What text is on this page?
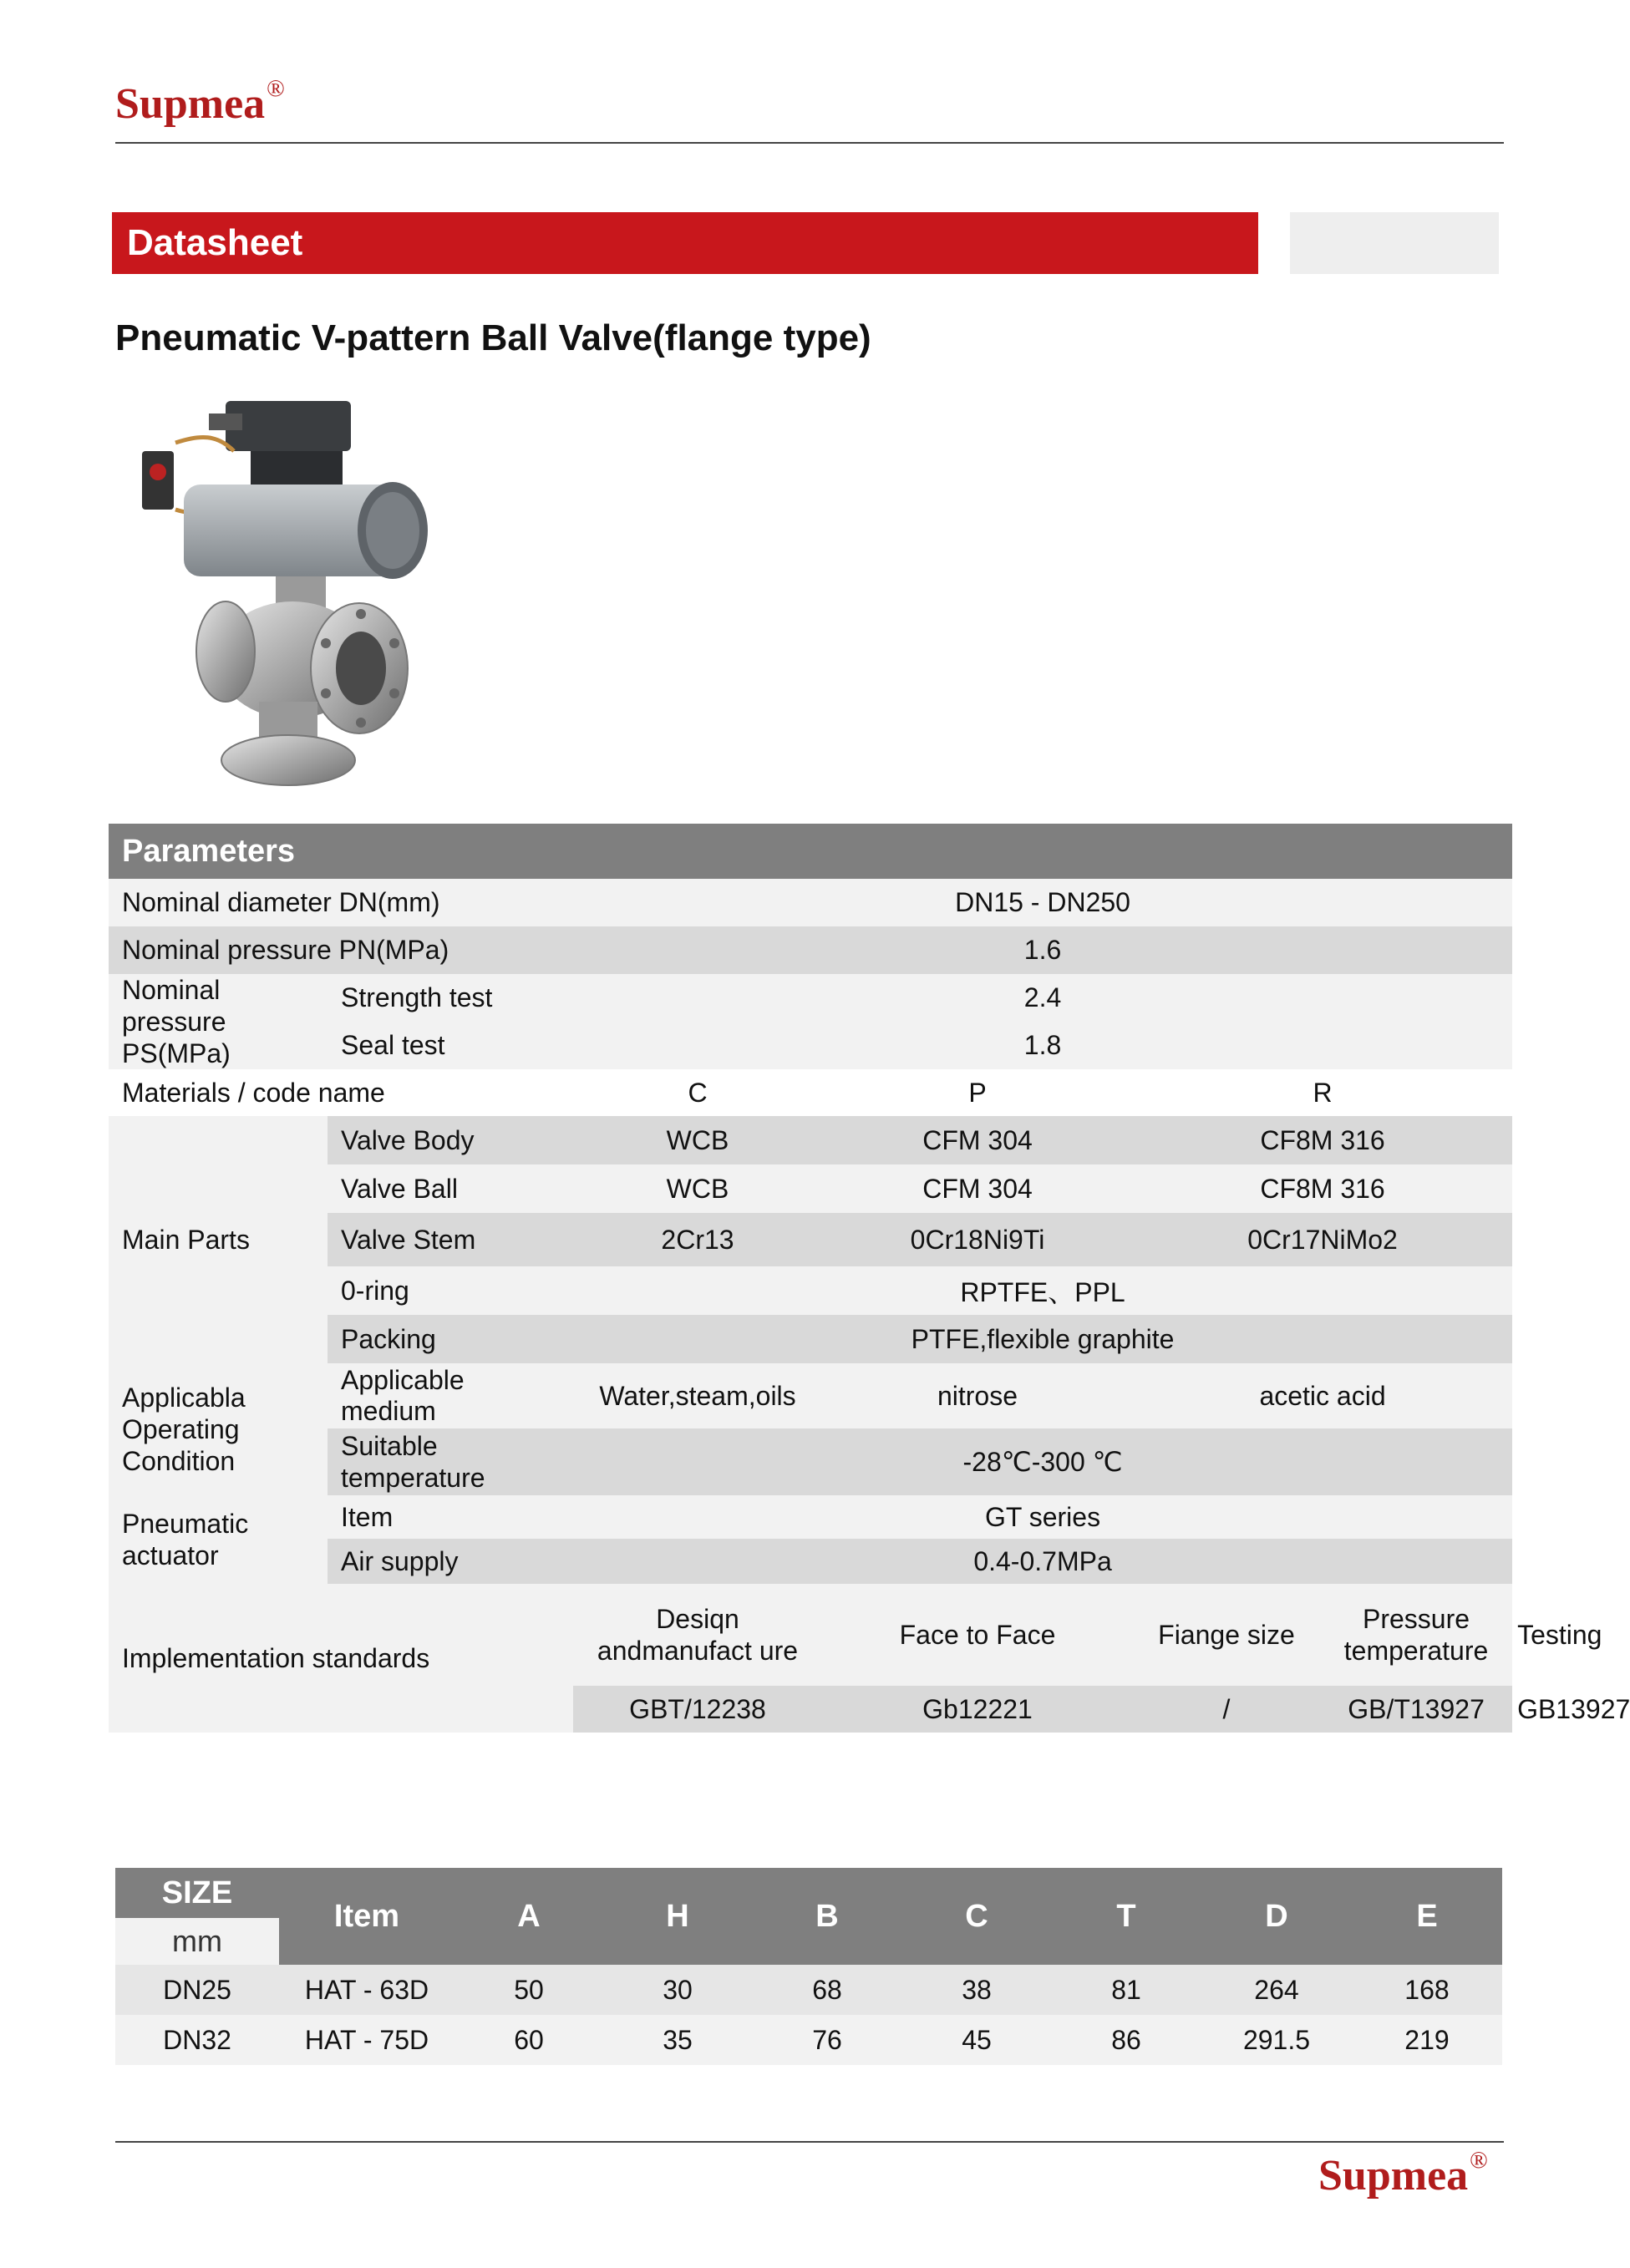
Supmea®
Datasheet
Pneumatic V-pattern Ball Valve(flange type)
Parameters						
Nominal diameter DN(mm)		DN15 - DN250				
Nominal pressure PN(MPa)		1.6				
Nominal pressure PS(MPa)	Strength test	2.4				
	Seal test	1.8				
Materials / code name		C	P	R		
Main Parts	Valve Body	WCB	CFM 304	CF8M 316		
	Valve Ball	WCB	CFM 304	CF8M 316		
	Valve Stem	2Cr13	0Cr18Ni9Ti	0Cr17NiMo2		
	0-ring	RPTFE、PPL				
	Packing	PTFE,flexible graphite				
Applicabla Operating Condition	Applicable medium	Water,steam,oils	nitrose	acetic acid		
	Suitable temperature	-28℃-300 ℃				
Pneumatic actuator	Item	GT series				
	Air supply	0.4-0.7MPa				
Implementation standards		Desiqn andmanufact ure	Face to Face	Fiange size	Pressure temperature	Testing
		GBT/12238	Gb12221	/	GB/T13927	GB13927
SIZE	Item	A	H	B	C	T	D	E
mm								
DN25	HAT - 63D	50	30	68	38	81	264	168
DN32	HAT - 75D	60	35	76	45	86	291.5	219
Supmea®
